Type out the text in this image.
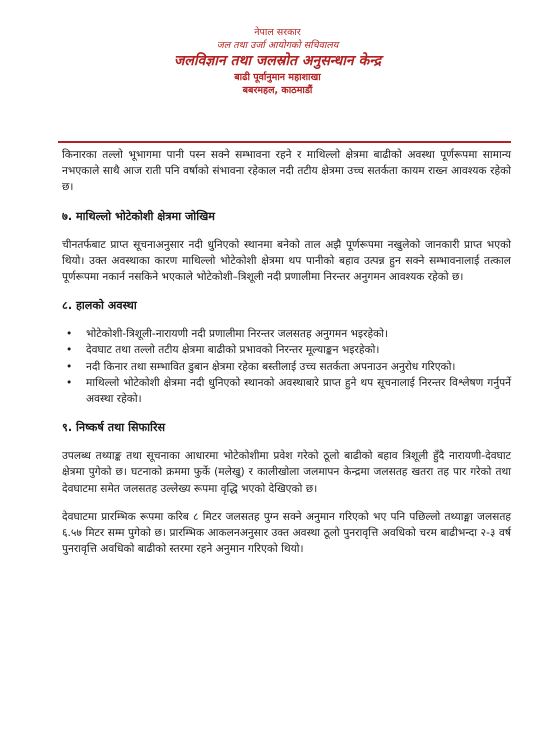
नेपाल सरकार
जल तथा उर्जा आयोगको सचिवालय
जलविज्ञान तथा जलस्रोत अनुसन्धान केन्द्र
बाढी पूर्वानुमान महाशाखा
बबरमहल, काठमाडौं

किनारका तल्लो भूभागमा पानी पस्न सक्ने सम्भावना रहने र माथिल्लो क्षेत्रमा बाढीको अवस्था पूर्णरूपमा सामान्य नभएकाले साथै आज राती पनि वर्षाको संभावना रहेकाल नदी तटीय क्षेत्रमा उच्च सतर्कता कायम राख्न आवश्यक रहेको छ।

७. माथिल्लो भोटेकोशी क्षेत्रमा जोखिम

चीनतर्फबाट प्राप्त सूचनाअनुसार नदी धुनिएको स्थानमा बनेको ताल अझै पूर्णरूपमा नखुलेको जानकारी प्राप्त भएको थियो। उक्त अवस्थाका कारण माथिल्लो भोटेकोशी क्षेत्रमा थप पानीको बहाव उत्पन्न हुन सक्ने सम्भावनालाई तत्काल पूर्णरूपमा नकार्न नसकिने भएकाले भोटेकोशी–त्रिशूली नदी प्रणालीमा निरन्तर अनुगमन आवश्यक रहेको छ।

८. हालको अवस्था
• भोटेकोशी-त्रिशूली-नारायणी नदी प्रणालीमा निरन्तर जलसतह अनुगमन भइरहेको।
• देवघाट तथा तल्लो तटीय क्षेत्रमा बाढीको प्रभावको निरन्तर मूल्याङ्कन भइरहेको।
• नदी किनार तथा सम्भावित डुबान क्षेत्रमा रहेका बस्तीलाई उच्च सतर्कता अपनाउन अनुरोध गरिएको।
• माथिल्लो भोटेकोशी क्षेत्रमा नदी धुनिएको स्थानको अवस्थाबारे प्राप्त हुने थप सूचनालाई निरन्तर विश्लेषण गर्नुपर्ने अवस्था रहेको।
९. निष्कर्ष तथा सिफारिस

उपलब्ध तथ्याङ्क तथा सूचनाका आधारमा भोटेकोशीमा प्रवेश गरेको ठूलो बाढीको बहाव त्रिशूली हुँदै नारायणी-देवघाट क्षेत्रमा पुगेको छ। घटनाको क्रममा फुर्के (मलेखु) र कालीखोला जलमापन केन्द्रमा जलसतह खतरा तह पार गरेको तथा देवघाटमा समेत जलसतह उल्लेख्य रूपमा वृद्धि भएको देखिएको छ।

देवघाटमा प्रारम्भिक रूपमा करिब ८ मिटर जलसतह पुग्न सक्ने अनुमान गरिएको भए पनि पछिल्लो तथ्याङ्मा जलसतह ६.५७ मिटर सम्म पुगेको छ। प्रारम्भिक आकलनअनुसार उक्त अवस्था ठूलो पुनरावृत्ति अवधिको चरम बाढीभन्दा २-३ वर्ष पुनरावृत्ति अवधिको बाढीको स्तरमा रहने अनुमान गरिएको थियो।
